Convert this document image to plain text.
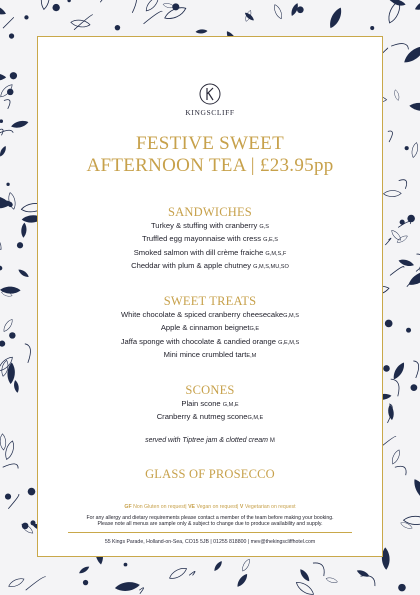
KINGSCLIFF
FESTIVE SWEET
AFTERNOON TEA | £23.95pp
SANDWICHES
Turkey & stuffing with cranberry G,S
Truffled egg mayonnaise with cress G,E,S
Smoked salmon with dill crème fraiche G,M,S,F
Cheddar with plum & apple chutney G,M,S,MU,SO
SWEET TREATS
White chocolate & spiced cranberry cheesecakeG,M,S
Apple & cinnamon beignetG,E
Jaffa sponge with chocolate & candied orange G,E,M,S
Mini mince crumbled tartE,M
SCONES
Plain scone G,M,E
Cranberry & nutmeg sconeG,M,E
served with Tiptree jam & clotted cream M
GLASS OF PROSECCO
GF Non Gluten on request| VE Vegan on request| V Vegetarian on request
For any allergy and dietary requirements please contact a member of the team before making your booking.
Please note all menus are sample only & subject to change due to produce availability and supply.
55 Kings Parade, Holland-on-Sea, CO15 5JB | 01255 818800 | mev@thekingscliffhotel.com
